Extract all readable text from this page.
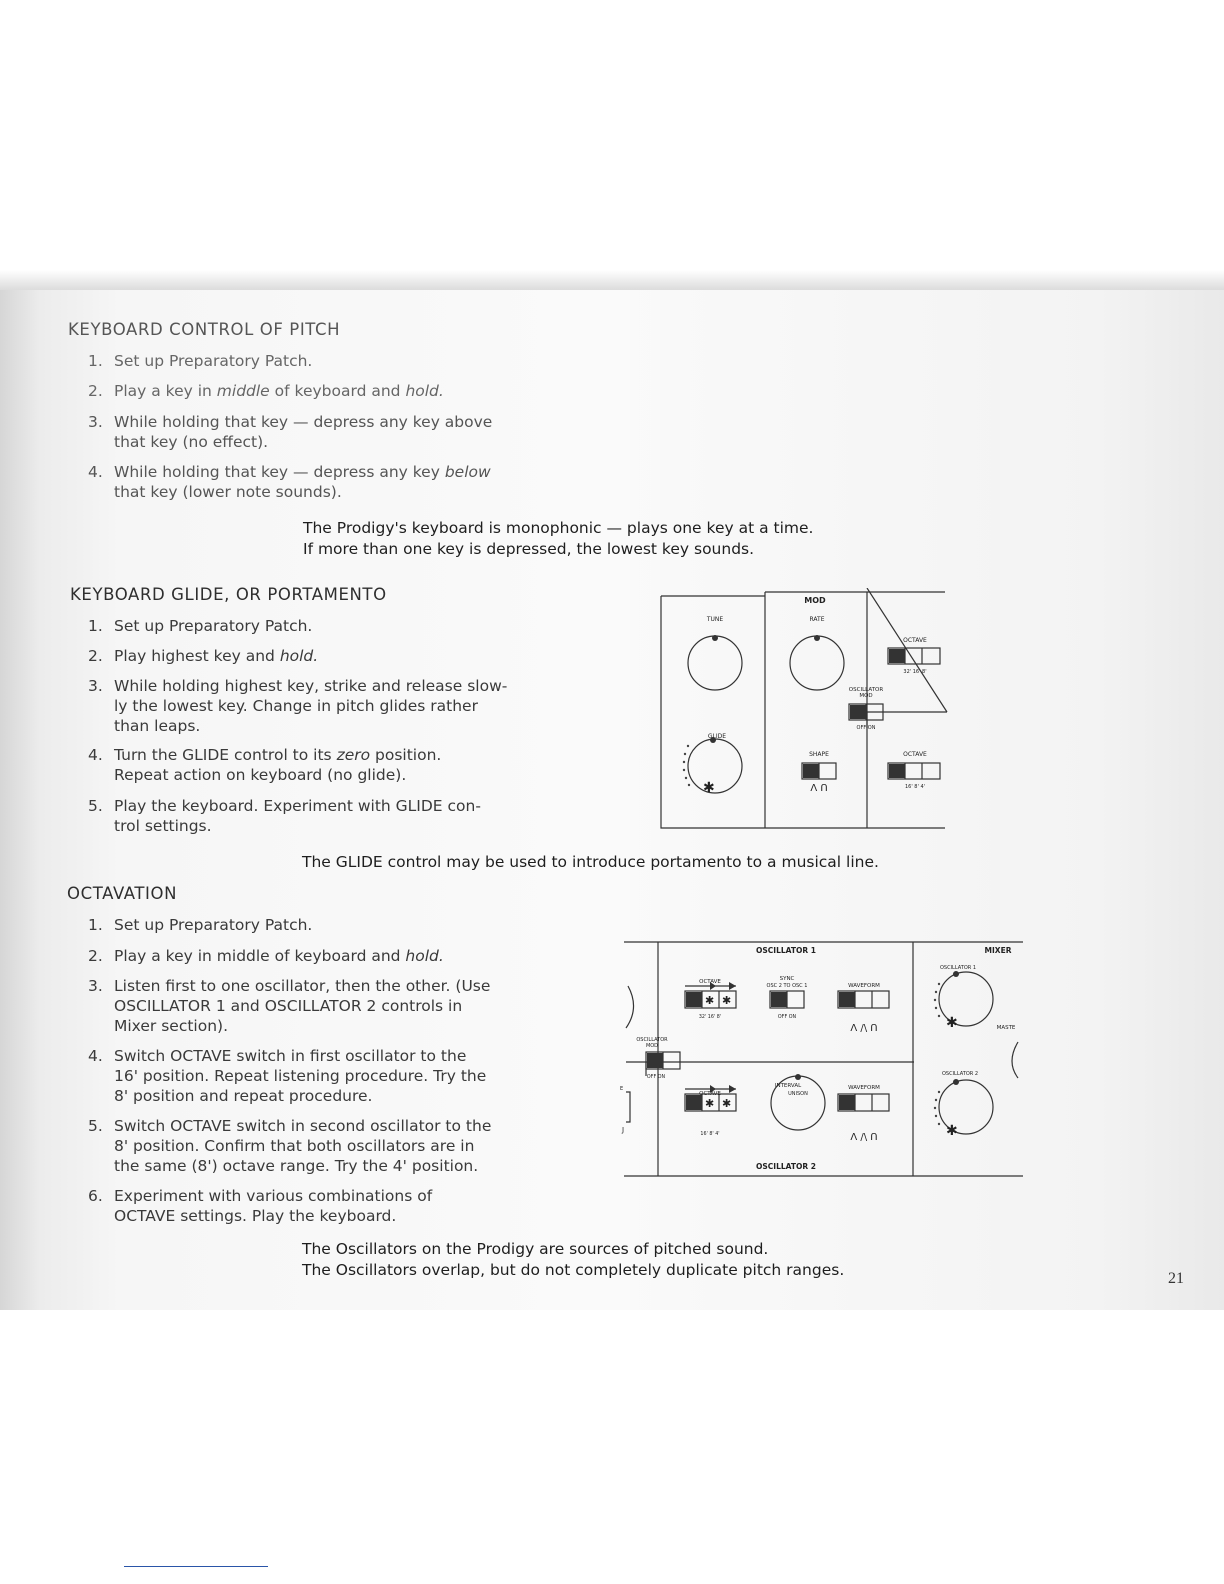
KEYBOARD CONTROL OF PITCH
1. Set up Preparatory Patch.
2. Play a key in middle of keyboard and hold.
3. While holding that key — depress any key above
that key (no effect).
4. While holding that key — depress any key below
that key (lower note sounds).
The Prodigy's keyboard is monophonic — plays one key at a time.
If more than one key is depressed, the lowest key sounds.
KEYBOARD GLIDE, OR PORTAMENTO
1. Set up Preparatory Patch.
2. Play highest key and hold.
3. While holding highest key, strike and release slow-
ly the lowest key. Change in pitch glides rather
than leaps.
4. Turn the GLIDE control to its zero position.
Repeat action on keyboard (no glide).
5. Play the keyboard. Experiment with GLIDE con-
trol settings.
✱
MOD
TUNE	RATE
OCTAVE
32' 16' 8'
OSCILLATOR
MOD
OFF ON
GLIDE
SHAPE
Λ Ո
OCTAVE
16' 8' 4'
The GLIDE control may be used to introduce portamento to a musical line.
OCTAVATION
1. Set up Preparatory Patch.
2. Play a key in middle of keyboard and hold.
3. Listen first to one oscillator, then the other. (Use
OSCILLATOR 1 and OSCILLATOR 2 controls in
Mixer section).
4. Switch OCTAVE switch in first oscillator to the
16' position. Repeat listening procedure. Try the
8' position and repeat procedure.
5. Switch OCTAVE switch in second oscillator to the
8' position. Confirm that both oscillators are in
the same (8') octave range. Try the 4' position.
6. Experiment with various combinations of
OCTAVE settings. Play the keyboard.
✱
✱
✱ ✱
✱ ✱
OSCILLATOR 1	MIXER
OCTAVE
32' 16' 8'
SYNC
OSC 2 TO OSC 1
OFF ON
WAVEFORM
Λ /\ Ո
OSCILLATOR 1
MASTE
OSCILLATOR
MOD
OFF ON
INTERVAL
UNISON
OCTAVE
16' 8' 4'
WAVEFORM
Λ /\ Ո
OSCILLATOR 2
OSCILLATOR 2
E
J
The Oscillators on the Prodigy are sources of pitched sound.
The Oscillators overlap, but do not completely duplicate pitch ranges.	21
